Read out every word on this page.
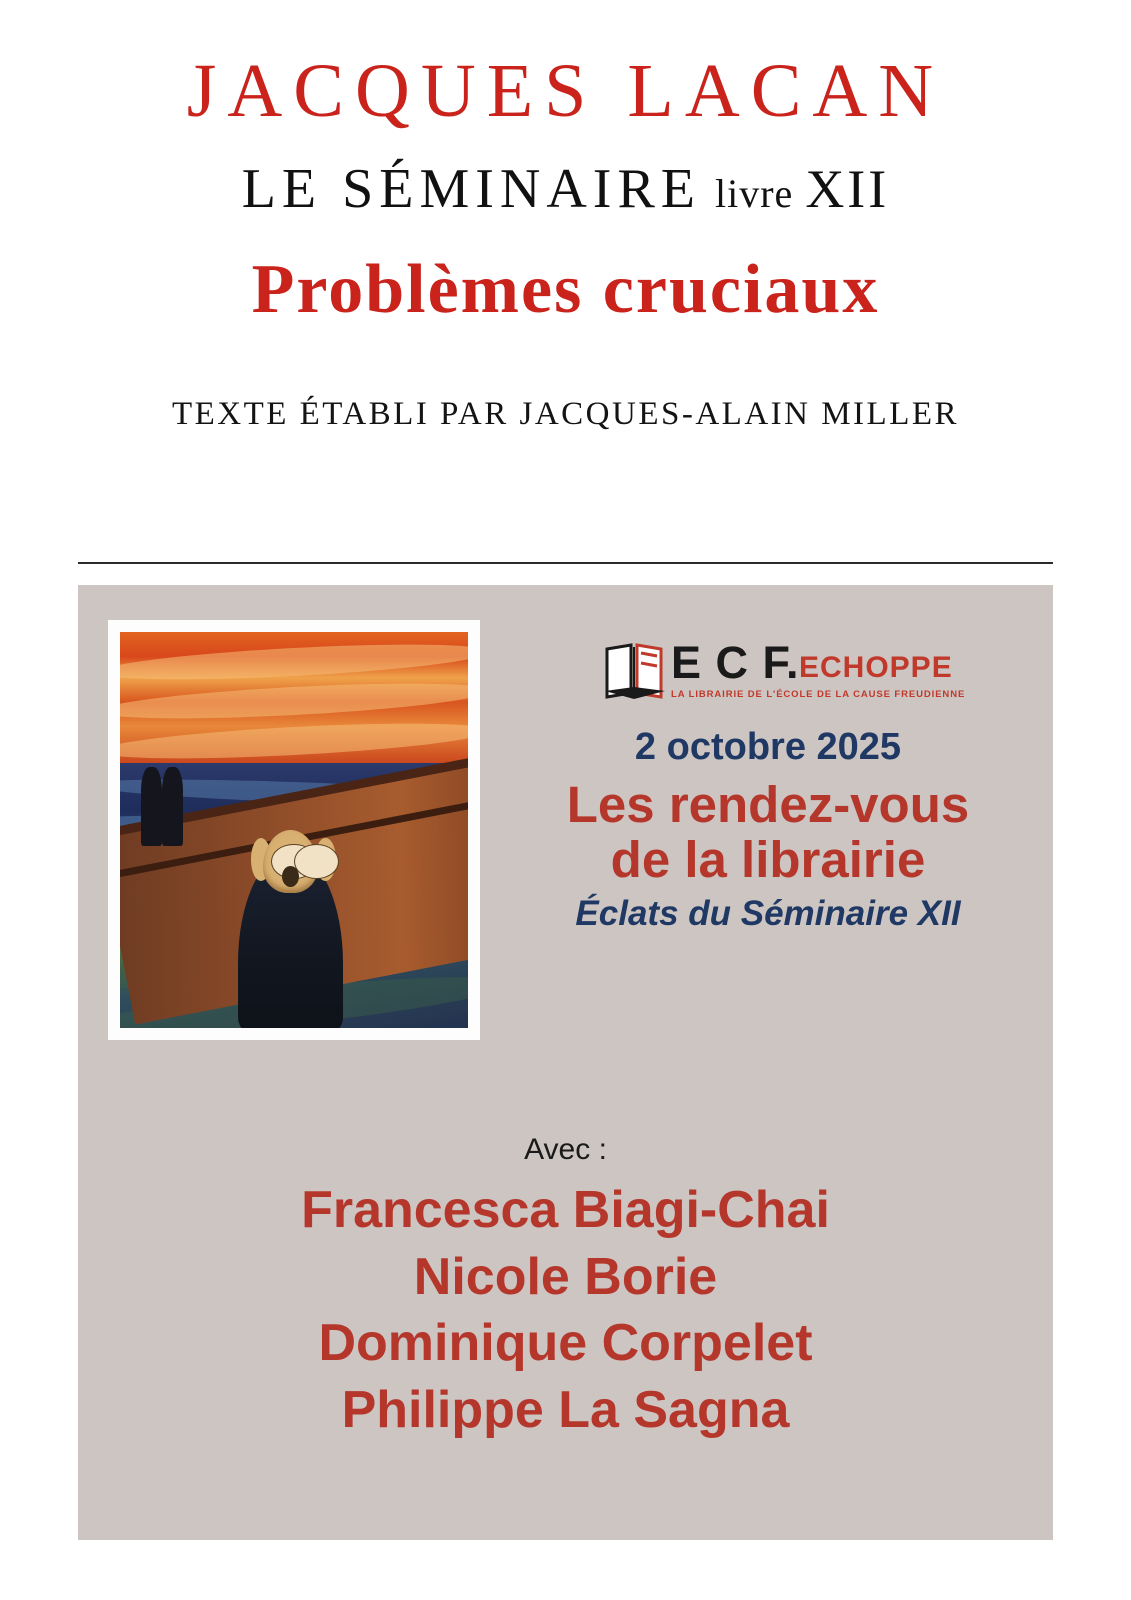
JACQUES LACAN
LE SÉMINAIRE livre XII
Problèmes cruciaux
TEXTE ÉTABLI PAR JACQUES-ALAIN MILLER
E C F. ECHOPPE
LA LIBRAIRIE DE L'ÉCOLE DE LA CAUSE FREUDIENNE
2 octobre 2025
Les rendez-vous
de la librairie
Éclats du Séminaire XII
Avec :
Francesca Biagi-Chai
Nicole Borie
Dominique Corpelet
Philippe La Sagna
